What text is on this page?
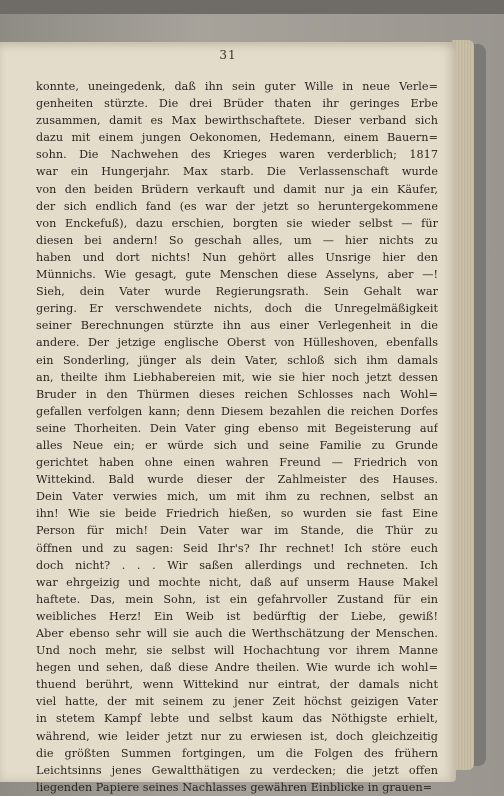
31
konnte, uneingedenk, daß ihn sein guter Wille in neue Verle=
genheiten stürzte. Die drei Brüder thaten ihr geringes Erbe
zusammen, damit es Max bewirthschaftete. Dieser verband sich
dazu mit einem jungen Oekonomen, Hedemann, einem Bauern=
sohn. Die Nachwehen des Krieges waren verderblich; 1817
war ein Hungerjahr. Max starb. Die Verlassenschaft wurde
von den beiden Brüdern verkauft und damit nur ja ein Käufer,
der sich endlich fand (es war der jetzt so heruntergekommene
von Enckefuß), dazu erschien, borgten sie wieder selbst — für
diesen bei andern! So geschah alles, um — hier nichts zu
haben und dort nichts! Nun gehört alles Unsrige hier den
Münnichs. Wie gesagt, gute Menschen diese Asselyns, aber —!
Sieh, dein Vater wurde Regierungsrath. Sein Gehalt war
gering. Er verschwendete nichts, doch die Unregelmäßigkeit
seiner Berechnungen stürzte ihn aus einer Verlegenheit in die
andere. Der jetzige englische Oberst von Hülleshoven, ebenfalls
ein Sonderling, jünger als dein Vater, schloß sich ihm damals
an, theilte ihm Liebhabereien mit, wie sie hier noch jetzt dessen
Bruder in den Thürmen dieses reichen Schlosses nach Wohl=
gefallen verfolgen kann; denn Diesem bezahlen die reichen Dorfes
seine Thorheiten. Dein Vater ging ebenso mit Begeisterung auf
alles Neue ein; er würde sich und seine Familie zu Grunde
gerichtet haben ohne einen wahren Freund — Friedrich von
Wittekind. Bald wurde dieser der Zahlmeister des Hauses.
Dein Vater verwies mich, um mit ihm zu rechnen, selbst an
ihn! Wie sie beide Friedrich hießen, so wurden sie fast Eine
Person für mich! Dein Vater war im Stande, die Thür zu
öffnen und zu sagen: Seid Ihr's? Ihr rechnet! Ich störe euch
doch nicht? . . . Wir saßen allerdings und rechneten. Ich
war ehrgeizig und mochte nicht, daß auf unserm Hause Makel
haftete. Das, mein Sohn, ist ein gefahrvoller Zustand für ein
weibliches Herz! Ein Weib ist bedürftig der Liebe, gewiß!
Aber ebenso sehr will sie auch die Werthschätzung der Menschen.
Und noch mehr, sie selbst will Hochachtung vor ihrem Manne
hegen und sehen, daß diese Andre theilen. Wie wurde ich wohl=
thuend berührt, wenn Wittekind nur eintrat, der damals nicht
viel hatte, der mit seinem zu jener Zeit höchst geizigen Vater
in stetem Kampf lebte und selbst kaum das Nöthigste erhielt,
während, wie leider jetzt nur zu erwiesen ist, doch gleichzeitig
die größten Summen fortgingen, um die Folgen des frühern
Leichtsinns jenes Gewaltthätigen zu verdecken; die jetzt offen
liegenden Papiere seines Nachlasses gewähren Einblicke in grauen=
